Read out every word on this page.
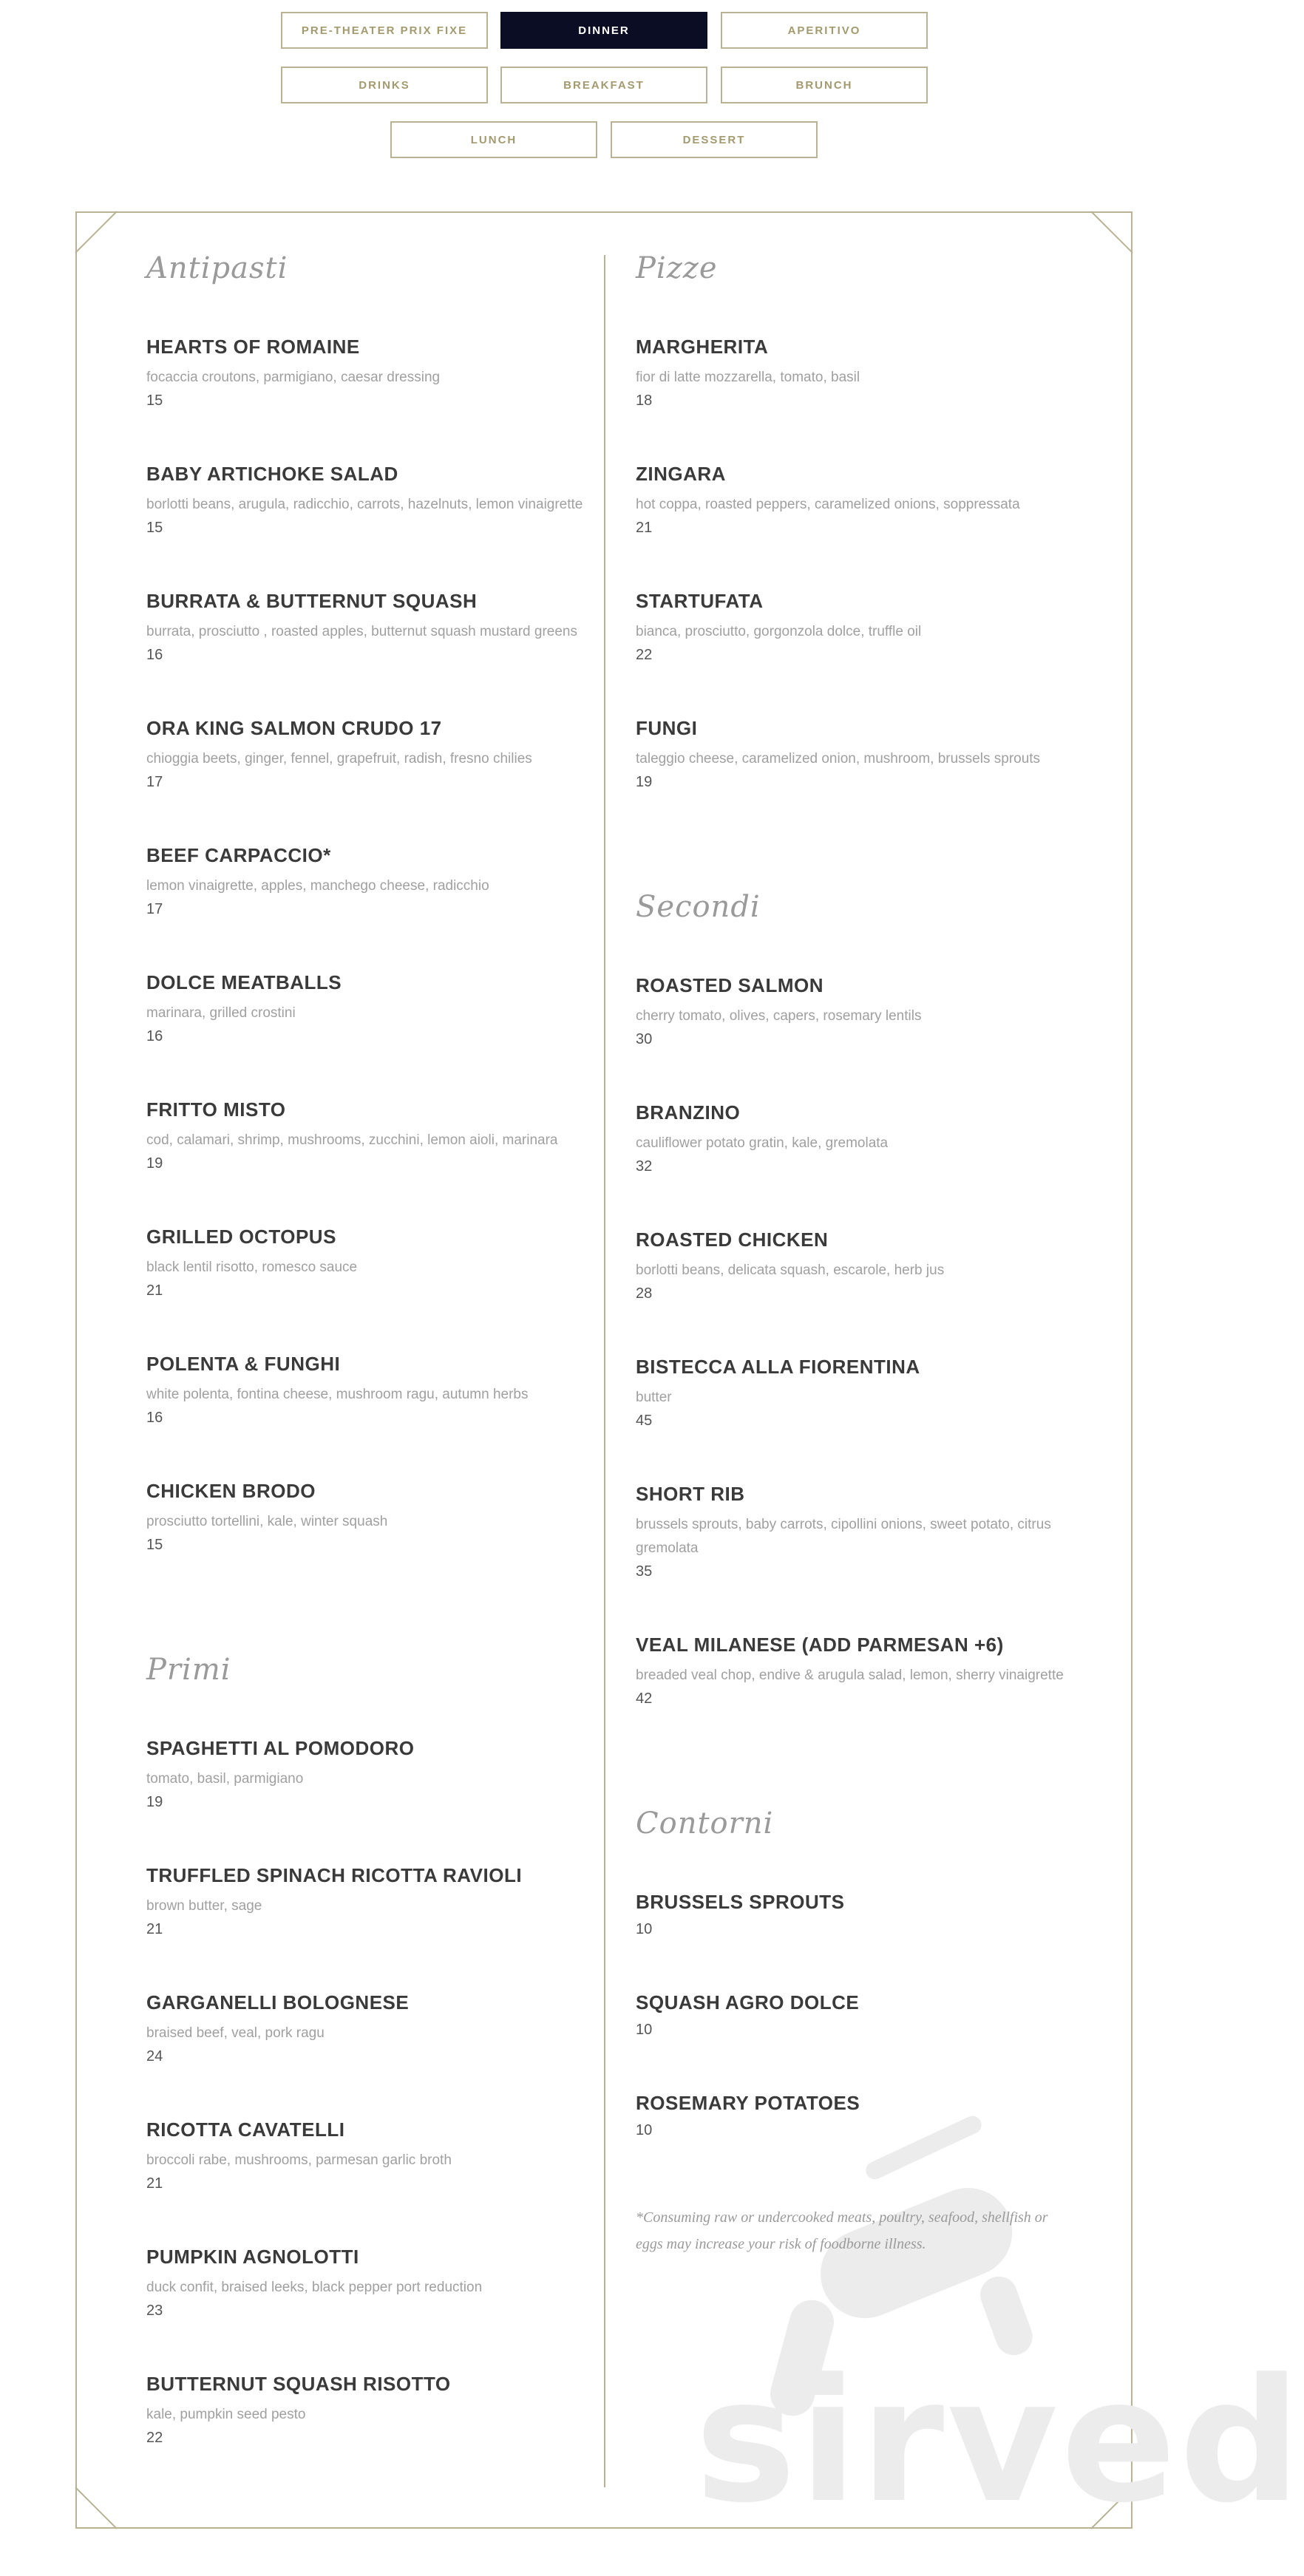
PRE-THEATER PRIX FIXE	DINNER	APERITIVO
DRINKS	BREAKFAST	BRUNCH
LUNCH	DESSERT
sirved
Antipasti
HEARTS OF ROMAINE
focaccia croutons, parmigiano, caesar dressing
15
BABY ARTICHOKE SALAD
borlotti beans, arugula, radicchio, carrots, hazelnuts, lemon vinaigrette
15
BURRATA & BUTTERNUT SQUASH
burrata, prosciutto , roasted apples, butternut squash mustard greens
16
ORA KING SALMON CRUDO 17
chioggia beets, ginger, fennel, grapefruit, radish, fresno chilies
17
BEEF CARPACCIO*
lemon vinaigrette, apples, manchego cheese, radicchio
17
DOLCE MEATBALLS
marinara, grilled crostini
16
FRITTO MISTO
cod, calamari, shrimp, mushrooms, zucchini, lemon aioli, marinara
19
GRILLED OCTOPUS
black lentil risotto, romesco sauce
21
POLENTA & FUNGHI
white polenta, fontina cheese, mushroom ragu, autumn herbs
16
CHICKEN BRODO
prosciutto tortellini, kale, winter squash
15
Primi
SPAGHETTI AL POMODORO
tomato, basil, parmigiano
19
TRUFFLED SPINACH RICOTTA RAVIOLI
brown butter, sage
21
GARGANELLI BOLOGNESE
braised beef, veal, pork ragu
24
RICOTTA CAVATELLI
broccoli rabe, mushrooms, parmesan garlic broth
21
PUMPKIN AGNOLOTTI
duck confit, braised leeks, black pepper port reduction
23
BUTTERNUT SQUASH RISOTTO
kale, pumpkin seed pesto
22
Pizze
MARGHERITA
fior di latte mozzarella, tomato, basil
18
ZINGARA
hot coppa, roasted peppers, caramelized onions, soppressata
21
STARTUFATA
bianca, prosciutto, gorgonzola dolce, truffle oil
22
FUNGI
taleggio cheese, caramelized onion, mushroom, brussels sprouts
19
Secondi
ROASTED SALMON
cherry tomato, olives, capers, rosemary lentils
30
BRANZINO
cauliflower potato gratin, kale, gremolata
32
ROASTED CHICKEN
borlotti beans, delicata squash, escarole, herb jus
28
BISTECCA ALLA FIORENTINA
butter
45
SHORT RIB
brussels sprouts, baby carrots, cipollini onions, sweet potato, citrus gremolata
35
VEAL MILANESE (ADD PARMESAN +6)
breaded veal chop, endive & arugula salad, lemon, sherry vinaigrette
42
Contorni
BRUSSELS SPROUTS
10
SQUASH AGRO DOLCE
10
ROSEMARY POTATOES
10
*Consuming raw or undercooked meats, poultry, seafood, shellfish or eggs may increase your risk of foodborne illness.
